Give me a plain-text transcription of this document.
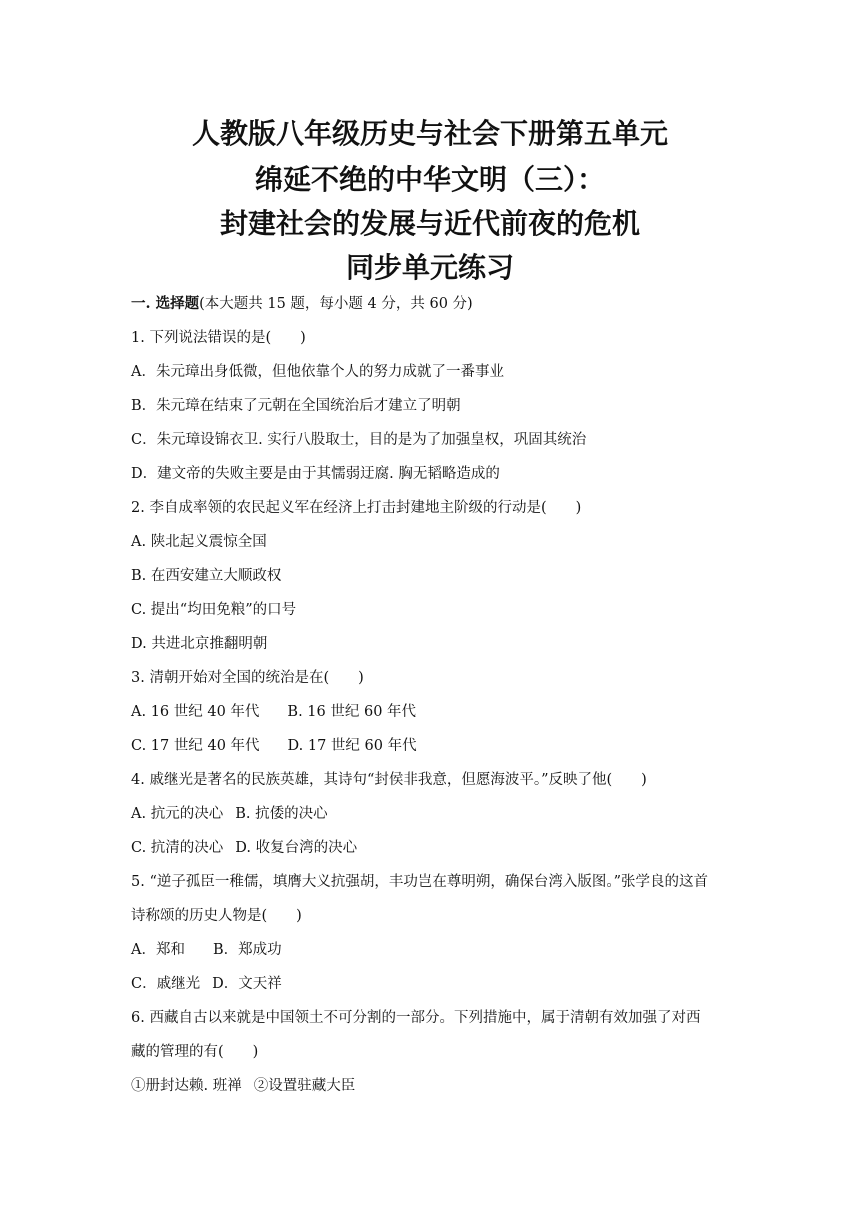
人教版八年级历史与社会下册第五单元
绵延不绝的中华文明（三）：
封建社会的发展与近代前夜的危机
同步单元练习
一. 选择题(本大题共 15 题，每小题 4 分，共 60 分)
1. 下列说法错误的是(　　)
A．朱元璋出身低微，但他依靠个人的努力成就了一番事业
B．朱元璋在结束了元朝在全国统治后才建立了明朝
C．朱元璋设锦衣卫. 实行八股取士，目的是为了加强皇权，巩固其统治
D．建文帝的失败主要是由于其懦弱迂腐. 胸无韬略造成的
2. 李自成率领的农民起义军在经济上打击封建地主阶级的行动是(　　)
A. 陕北起义震惊全国
B. 在西安建立大顺政权
C. 提出“均田免粮”的口号
D. 共进北京推翻明朝
3. 清朝开始对全国的统治是在(　　)
A. 16 世纪 40 年代 B. 16 世纪 60 年代
C. 17 世纪 40 年代 D. 17 世纪 60 年代
4. 戚继光是著名的民族英雄，其诗句“封侯非我意，但愿海波平。”反映了他(　　)
A. 抗元的决心 B. 抗倭的决心
C. 抗清的决心 D. 收复台湾的决心
5. “逆子孤臣一稚儒，填膺大义抗强胡，丰功岂在尊明朔，确保台湾入版图。”张学良的这首
诗称颂的历史人物是(　　)
A．郑和 B．郑成功
C．戚继光 D．文天祥
6. 西藏自古以来就是中国领土不可分割的一部分。下列措施中，属于清朝有效加强了对西
藏的管理的有(　　)
①册封达赖. 班禅 ②设置驻藏大臣
